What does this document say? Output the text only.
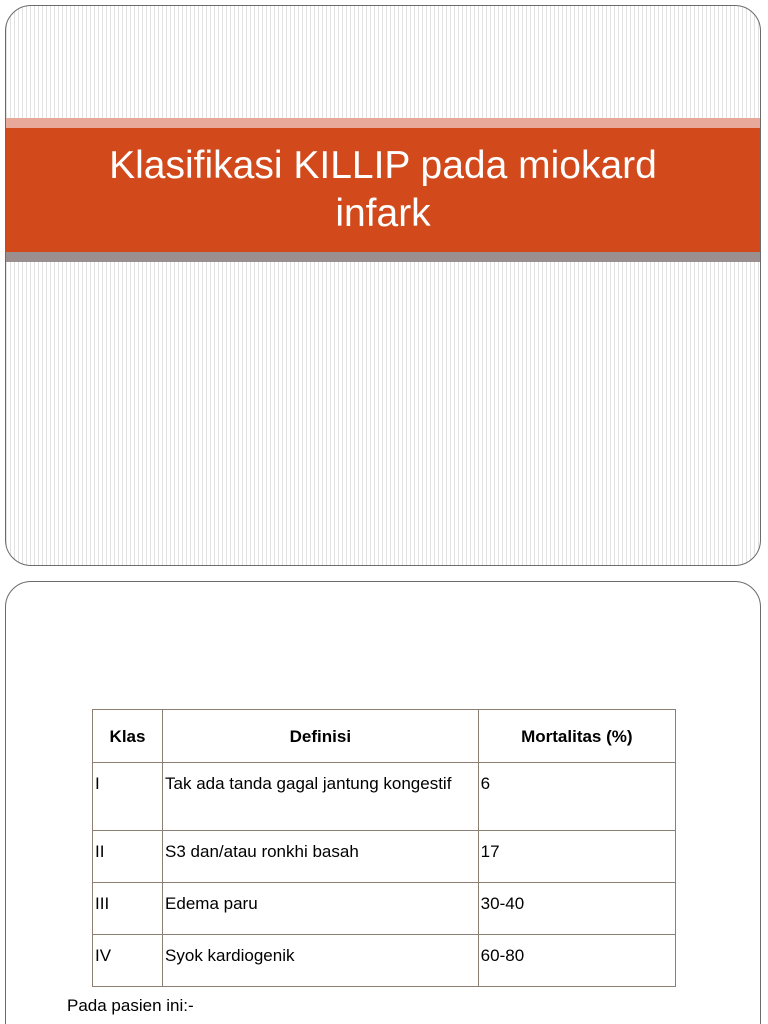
Klasifikasi KILLIP pada miokard infark
Klas	Definisi	Mortalitas (%)
I	Tak ada tanda gagal jantung kongestif	6
II	S3 dan/atau ronkhi basah	17
III	Edema paru	30-40
IV	Syok kardiogenik	60-80

Pada pasien ini:-
